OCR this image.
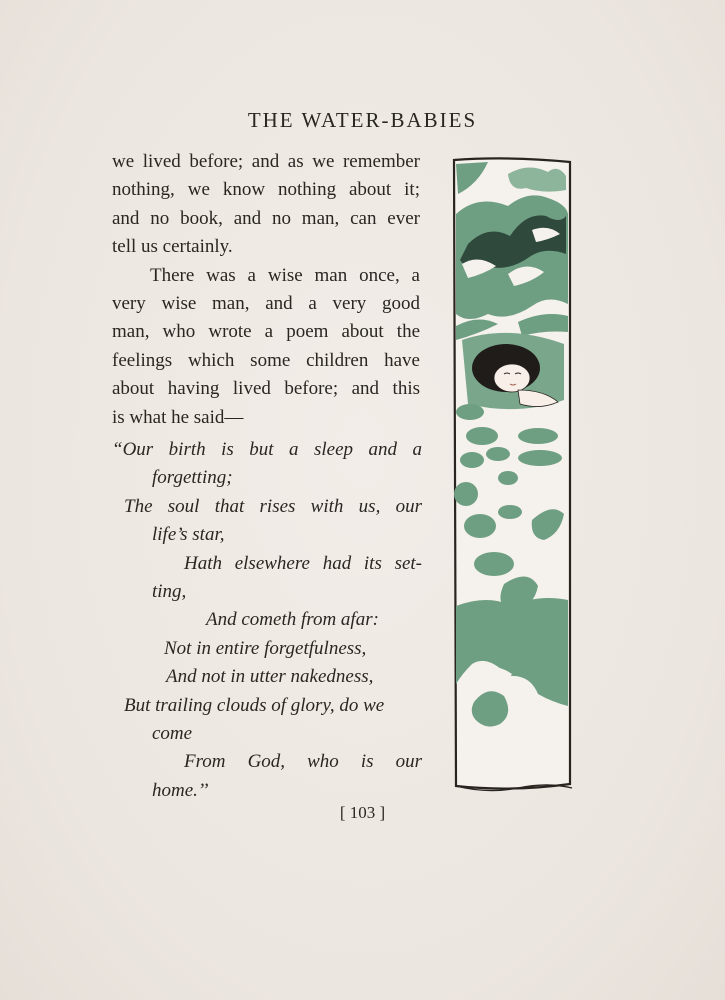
THE WATER-BABIES
we lived before; and as we remember
nothing, we know nothing about it;
and no book, and no man, can ever
tell us certainly.
There was a wise man once, a
very wise man, and a very good
man, who wrote a poem about the
feelings which some children have
about having lived before; and this
is what he said—
“Our birth is but a sleep and a
forgetting;
The soul that rises with us, our
life’s star,
Hath elsewhere had its set-
ting,
And cometh from afar:
Not in entire forgetfulness,
And not in utter nakedness,
But trailing clouds of glory, do we
come
From God, who is our
home.’’
[ 103 ]
